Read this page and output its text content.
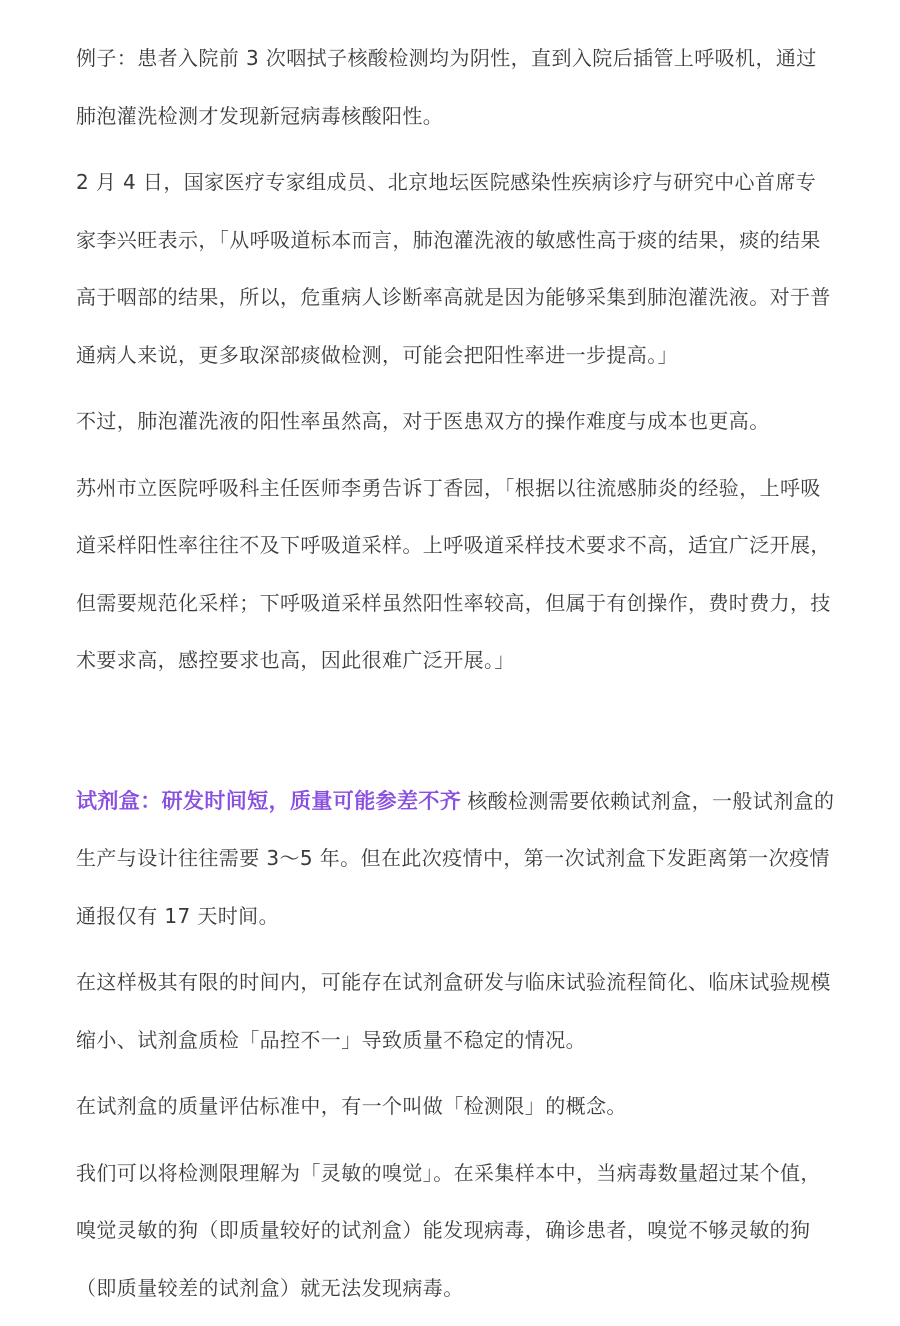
例子：患者入院前 3 次咽拭子核酸检测均为阴性，直到入院后插管上呼吸机，通过肺泡灌洗检测才发现新冠病毒核酸阳性。

2 月 4 日，国家医疗专家组成员、北京地坛医院感染性疾病诊疗与研究中心首席专家李兴旺表示，「从呼吸道标本而言，肺泡灌洗液的敏感性高于痰的结果，痰的结果高于咽部的结果，所以，危重病人诊断率高就是因为能够采集到肺泡灌洗液。对于普通病人来说，更多取深部痰做检测，可能会把阳性率进一步提高。」

不过，肺泡灌洗液的阳性率虽然高，对于医患双方的操作难度与成本也更高。

苏州市立医院呼吸科主任医师李勇告诉丁香园，「根据以往流感肺炎的经验，上呼吸道采样阳性率往往不及下呼吸道采样。上呼吸道采样技术要求不高，适宜广泛开展，但需要规范化采样；下呼吸道采样虽然阳性率较高，但属于有创操作，费时费力，技术要求高，感控要求也高，因此很难广泛开展。」

试剂盒：研发时间短，质量可能参差不齐 核酸检测需要依赖试剂盒，一般试剂盒的生产与设计往往需要 3～5 年。但在此次疫情中，第一次试剂盒下发距离第一次疫情通报仅有 17 天时间。

在这样极其有限的时间内，可能存在试剂盒研发与临床试验流程简化、临床试验规模缩小、试剂盒质检「品控不一」导致质量不稳定的情况。

在试剂盒的质量评估标准中，有一个叫做「检测限」的概念。

我们可以将检测限理解为「灵敏的嗅觉」。在采集样本中，当病毒数量超过某个值，嗅觉灵敏的狗（即质量较好的试剂盒）能发现病毒，确诊患者，嗅觉不够灵敏的狗（即质量较差的试剂盒）就无法发现病毒。
